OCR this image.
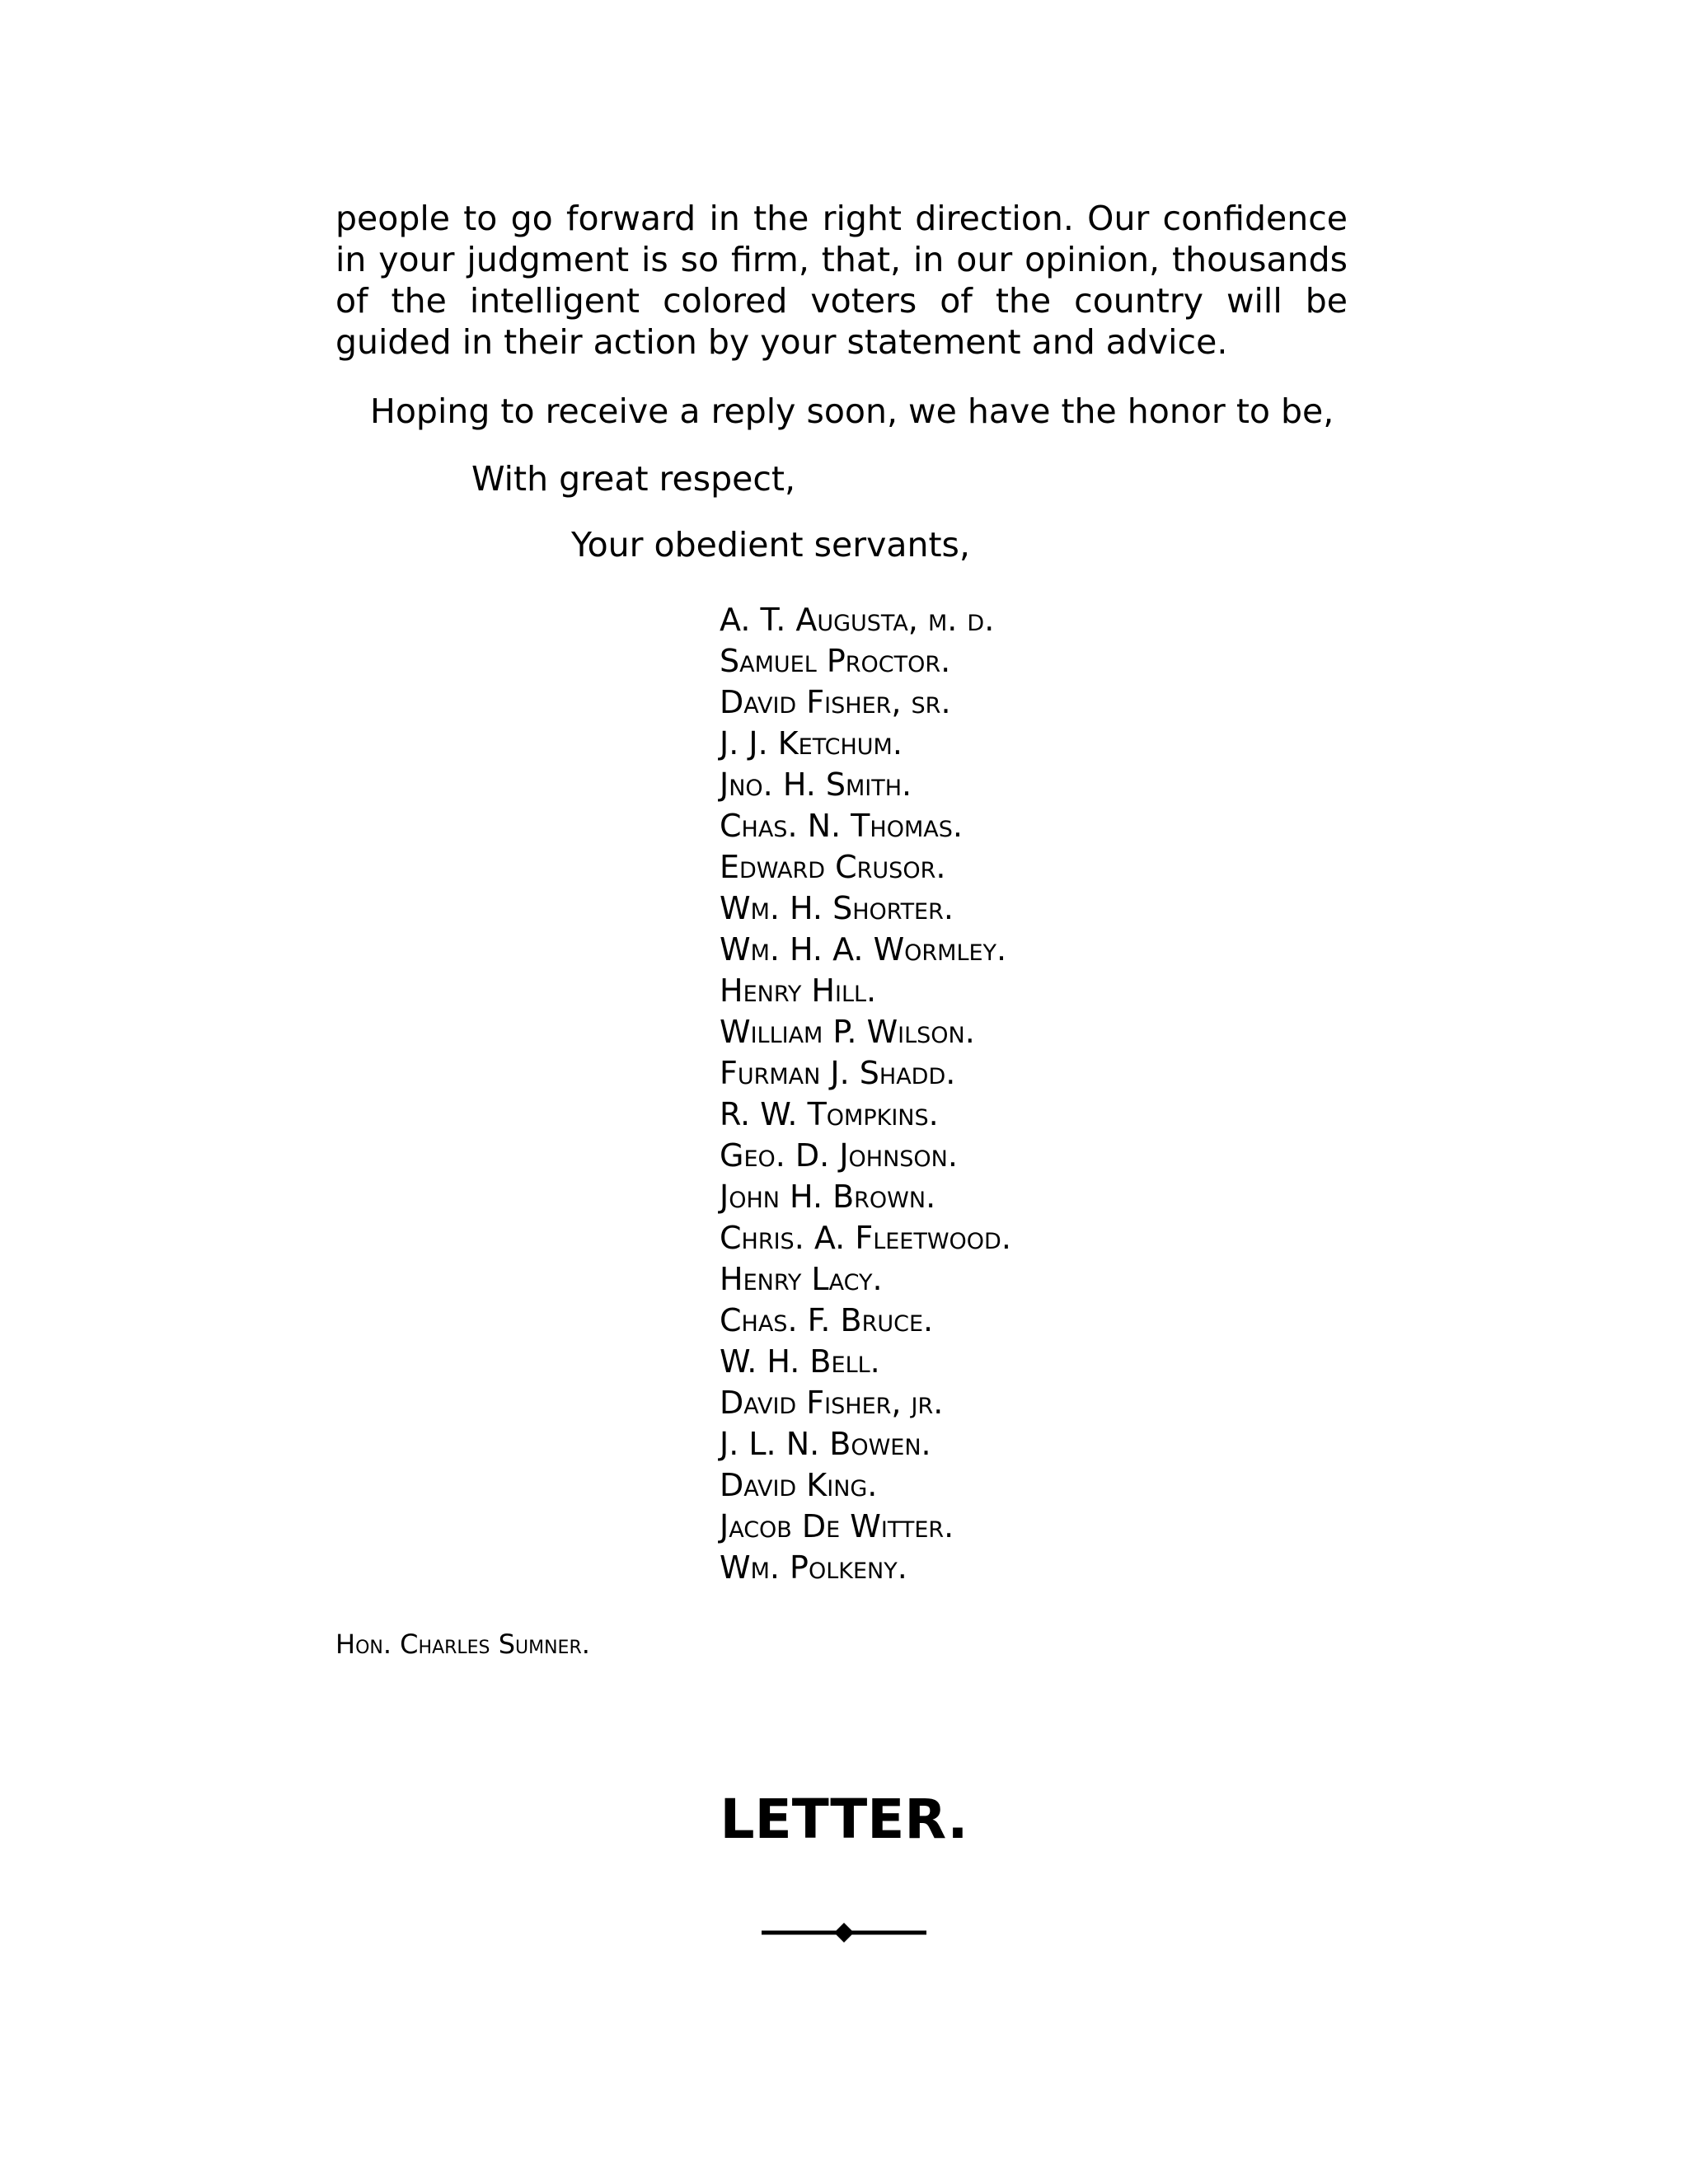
people to go forward in the right direction. Our confidence in your judgment is so firm, that, in our opinion, thousands of the intelligent colored voters of the country will be guided in their action by your statement and advice.

Hoping to receive a reply soon, we have the honor to be,

With great respect,

Your obedient servants,

A. T. Augusta, m. d.
Samuel Proctor.
David Fisher, sr.
J. J. Ketchum.
Jno. H. Smith.
Chas. N. Thomas.
Edward Crusor.
Wm. H. Shorter.
Wm. H. A. Wormley.
Henry Hill.
William P. Wilson.
Furman J. Shadd.
R. W. Tompkins.
Geo. D. Johnson.
John H. Brown.
Chris. A. Fleetwood.
Henry Lacy.
Chas. F. Bruce.
W. H. Bell.
David Fisher, jr.
J. L. N. Bowen.
David King.
Jacob De Witter.
Wm. Polkeny.

Hon. Charles Sumner.

LETTER.
